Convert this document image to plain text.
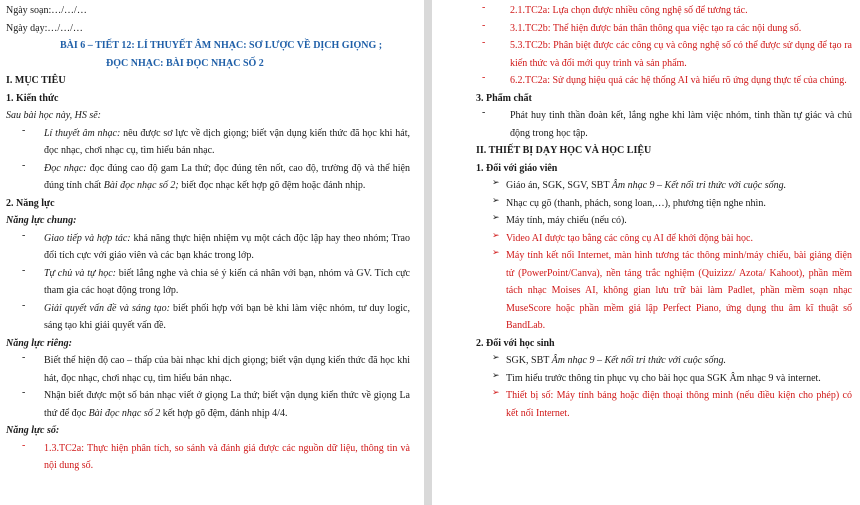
Ngày soạn:…/…/…
Ngày dạy:…/…/…
BÀI 6 – TIẾT 12: LÍ THUYẾT ÂM NHẠC: SƠ LƯỢC VỀ DỊCH GIỌNG ;
ĐỌC NHẠC: BÀI ĐỌC NHẠC SỐ 2
I. MỤC TIÊU
1. Kiến thức
Sau bài học này, HS sẽ:
-	Lí thuyết âm nhạc: nêu được sơ lực về dịch giọng; biết vận dụng kiến thức đã học khi hát, đọc nhạc, chơi nhạc cụ, tìm hiểu bản nhạc.
-	Đọc nhạc: đọc đúng cao độ gam La thứ; đọc đúng tên nốt, cao độ, trường độ và thể hiện đúng tính chất Bài đọc nhạc số 2; biết đọc nhạc kết hợp gõ đệm hoặc đánh nhịp.
2. Năng lực
Năng lực chung:
-	Giao tiếp và hợp tác: khả năng thực hiện nhiệm vụ một cách độc lập hay theo nhóm; Trao đổi tích cực với giáo viên và các bạn khác trong lớp.
-	Tự chủ và tự học: biết lắng nghe và chia sẻ ý kiến cá nhân với bạn, nhóm và GV. Tích cực tham gia các hoạt động trong lớp.
-	Giải quyết vấn đề và sáng tạo: biết phối hợp với bạn bè khi làm việc nhóm, tư duy logic, sáng tạo khi giải quyết vấn đề.
Năng lực riêng:
-	Biết thể hiện độ cao – thấp của bài nhạc khi dịch giọng; biết vận dụng kiến thức đã học khi hát, đọc nhạc, chơi nhạc cụ, tìm hiểu bản nhạc.
-	Nhận biết được một số bản nhạc viết ở giọng La thứ; biết vận dụng kiến thức về giọng La thứ để đọc Bài đọc nhạc số 2 kết hợp gõ đệm, đánh nhịp 4/4.
Năng lực số:
-	1.3.TC2a: Thực hiện phân tích, so sánh và đánh giá được các nguồn dữ liệu, thông tin và nội dung số.
-	2.1.TC2a: Lựa chọn được nhiều công nghệ số để tương tác.
-	3.1.TC2b: Thể hiện được bản thân thông qua việc tạo ra các nội dung số.
-	5.3.TC2b: Phân biệt được các công cụ và công nghệ số có thể được sử dụng để tạo ra kiến thức và đổi mới quy trình và sản phẩm.
-	6.2.TC2a: Sử dụng hiệu quả các hệ thống AI và hiểu rõ ứng dụng thực tế của chúng.
3. Phẩm chất
-	Phát huy tinh thần đoàn kết, lắng nghe khi làm việc nhóm, tinh thần tự giác và chủ động trong học tập.
II. THIẾT BỊ DẠY HỌC VÀ HỌC LIỆU
1. Đối với giáo viên
➢ Giáo án, SGK, SGV, SBT Âm nhạc 9 – Kết nối tri thức với cuộc sống.
➢ Nhạc cụ gõ (thanh, phách, song loan,…), phương tiện nghe nhìn.
➢ Máy tính, máy chiếu (nếu có).
➢ Video AI được tạo bằng các công cụ AI để khởi động bài học.
➢ Máy tính kết nối Internet, màn hình tương tác thông minh/máy chiếu, bài giảng điện tử (PowerPoint/Canva), nền tảng trắc nghiệm (Quizizz/ Azota/ Kahoot), phần mềm tách nhạc Moises AI, không gian lưu trữ bài làm Padlet, phần mềm soạn nhạc MuseScore hoặc phần mềm giả lập Perfect Piano, ứng dụng thu âm kĩ thuật số BandLab.
2. Đối với học sinh
➢ SGK, SBT Âm nhạc 9 – Kết nối tri thức với cuộc sống.
➢ Tìm hiểu trước thông tin phục vụ cho bài học qua SGK Âm nhạc 9 và internet.
➢ Thiết bị số: Máy tính bảng hoặc điện thoại thông minh (nếu điều kiện cho phép) có kết nối Internet.
